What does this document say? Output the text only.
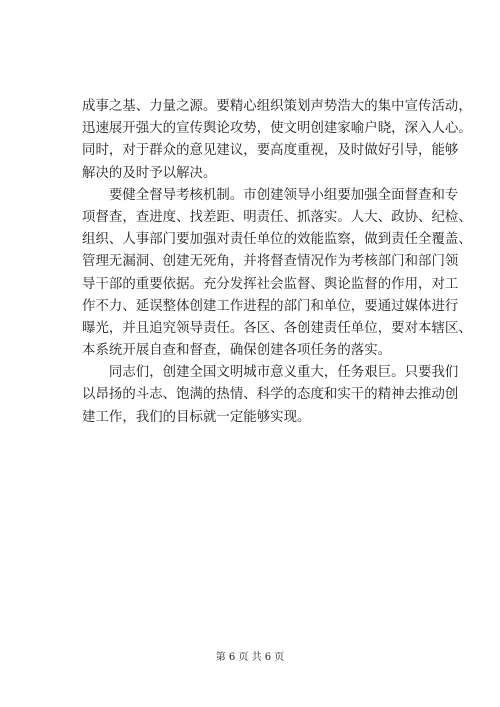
成事之基、力量之源。要精心组织策划声势浩大的集中宣传活动，
迅速展开强大的宣传舆论攻势，使文明创建家喻户晓，深入人心。
同时，对于群众的意见建议，要高度重视，及时做好引导，能够
解决的及时予以解决。
　　要健全督导考核机制。市创建领导小组要加强全面督查和专
项督查，查进度、找差距、明责任、抓落实。人大、政协、纪检、
组织、人事部门要加强对责任单位的效能监察，做到责任全覆盖、
管理无漏洞、创建无死角，并将督查情况作为考核部门和部门领
导干部的重要依据。充分发挥社会监督、舆论监督的作用，对工
作不力、延误整体创建工作进程的部门和单位，要通过媒体进行
曝光，并且追究领导责任。各区、各创建责任单位，要对本辖区、
本系统开展自查和督查，确保创建各项任务的落实。
　　同志们，创建全国文明城市意义重大，任务艰巨。只要我们
以昂扬的斗志、饱满的热情、科学的态度和实干的精神去推动创
建工作，我们的目标就一定能够实现。
第 6 页 共 6 页
